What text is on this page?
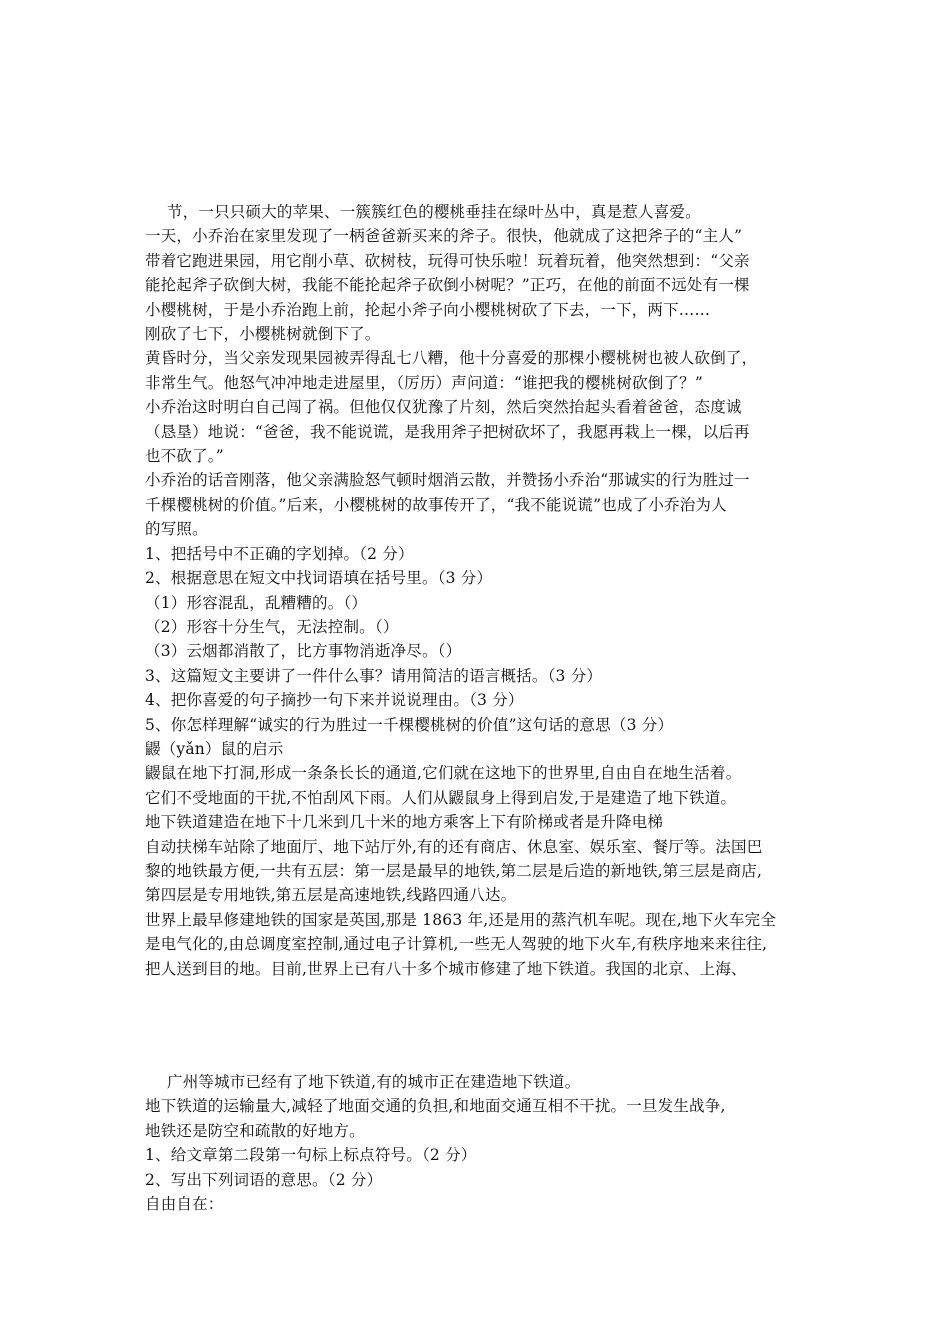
节，一只只硕大的苹果、一簇簇红色的樱桃垂挂在绿叶丛中，真是惹人喜爱。
一天，小乔治在家里发现了一柄爸爸新买来的斧子。很快，他就成了这把斧子的“主人”
带着它跑进果园，用它削小草、砍树枝，玩得可快乐啦！玩着玩着，他突然想到：“父亲
能抡起斧子砍倒大树，我能不能抡起斧子砍倒小树呢？”正巧，在他的前面不远处有一棵
小樱桃树，于是小乔治跑上前，抡起小斧子向小樱桃树砍了下去，一下，两下……
刚砍了七下，小樱桃树就倒下了。
黄昏时分，当父亲发现果园被弄得乱七八糟，他十分喜爱的那棵小樱桃树也被人砍倒了，
非常生气。他怒气冲冲地走进屋里，（厉历）声问道：“谁把我的樱桃树砍倒了？”
小乔治这时明白自己闯了祸。但他仅仅犹豫了片刻，然后突然抬起头看着爸爸，态度诚
（恳垦）地说：“爸爸，我不能说谎，是我用斧子把树砍坏了，我愿再栽上一棵，以后再
也不砍了。”
小乔治的话音刚落，他父亲满脸怒气顿时烟消云散，并赞扬小乔治“那诚实的行为胜过一
千棵樱桃树的价值。”后来，小樱桃树的故事传开了，“我不能说谎”也成了小乔治为人
的写照。
1、把括号中不正确的字划掉。（2 分）
2、根据意思在短文中找词语填在括号里。（3 分）
（1）形容混乱，乱糟糟的。（）
（2）形容十分生气，无法控制。（）
（3）云烟都消散了，比方事物消逝净尽。（）
3、这篇短文主要讲了一件什么事？请用简洁的语言概括。（3 分）
4、把你喜爱的句子摘抄一句下来并说说理由。（3 分）
5、你怎样理解“诚实的行为胜过一千棵樱桃树的价值”这句话的意思（3 分）
鼹（yǎn）鼠的启示
鼹鼠在地下打洞,形成一条条长长的通道,它们就在这地下的世界里,自由自在地生活着。
它们不受地面的干扰,不怕刮风下雨。人们从鼹鼠身上得到启发,于是建造了地下铁道。
地下铁道建造在地下十几米到几十米的地方乘客上下有阶梯或者是升降电梯
自动扶梯车站除了地面厅、地下站厅外,有的还有商店、休息室、娱乐室、餐厅等。法国巴
黎的地铁最方便,一共有五层：第一层是最早的地铁,第二层是后造的新地铁,第三层是商店,
第四层是专用地铁,第五层是高速地铁,线路四通八达。
世界上最早修建地铁的国家是英国,那是 1863 年,还是用的蒸汽机车呢。现在,地下火车完全
是电气化的,由总调度室控制,通过电子计算机,一些无人驾驶的地下火车,有秩序地来来往往,
把人送到目的地。目前,世界上已有八十多个城市修建了地下铁道。我国的北京、上海、
广州等城市已经有了地下铁道,有的城市正在建造地下铁道。
地下铁道的运输量大,减轻了地面交通的负担,和地面交通互相不干扰。一旦发生战争,
地铁还是防空和疏散的好地方。
1、给文章第二段第一句标上标点符号。（2 分）
2、写出下列词语的意思。（2 分）
自由自在：
